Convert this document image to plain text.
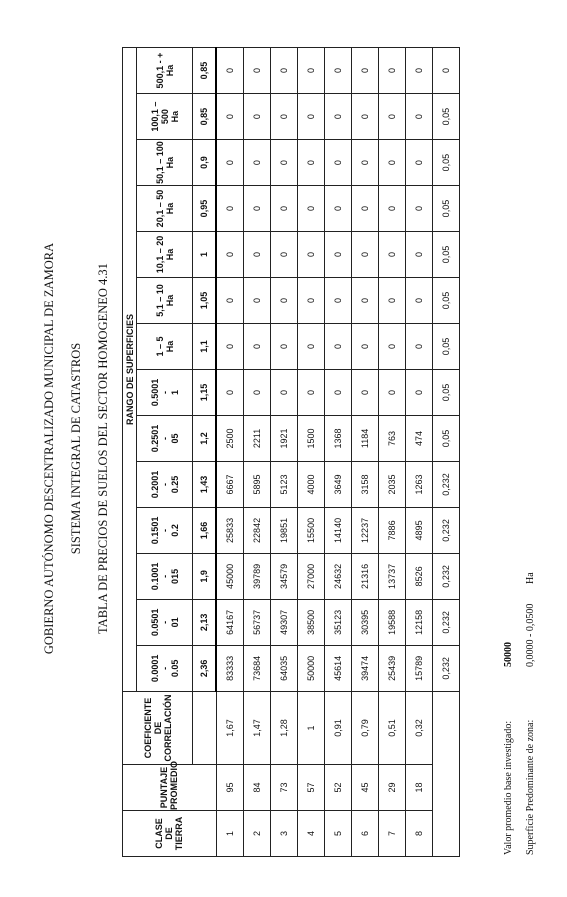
GOBIERNO AUTÓNOMO DESCENTRALIZADO MUNICIPAL DE ZAMORA SISTEMA INTEGRAL DE CATASTROS TABLA DE PRECIOS DE SUELOS DEL SECTOR HOMOGENEO 4.31
CLASE DE TIERRA	PUNTAJE PROMEDIO	COEFICIENTE DE CORRELACIÓN	RANGO DE SUPERFICIES													

			0.0001 - 0.05	0.0501 - 01	0.1001 - 015	0.1501 - 0.2	0.2001 - 0.25	0.2501 - 05	0.5001 - 1	1 – 5 Ha	5,1 – 10 Ha	10,1 – 20 Ha	20,1 – 50 Ha	50,1 – 100 Ha	100,1 – 500 Ha	500,1 - + Ha

			2,36	2,13	1,9	1,66	1,43	1,2	1,15	1,1	1,05	1	0,95	0,9	0,85	0,85
1	95	1,67	83333	64167	45000	25833	6667	2500	0	0	0	0	0	0	0	0
2	84	1,47	73684	56737	39789	22842	5895	2211	0	0	0	0	0	0	0	0
3	73	1,28	64035	49307	34579	19851	5123	1921	0	0	0	0	0	0	0	0
4	57	1	50000	38500	27000	15500	4000	1500	0	0	0	0	0	0	0	0
5	52	0,91	45614	35123	24632	14140	3649	1368	0	0	0	0	0	0	0	0
6	45	0,79	39474	30395	21316	12237	3158	1184	0	0	0	0	0	0	0	0
7	29	0,51	25439	19588	13737	7886	2035	763	0	0	0	0	0	0	0	0
8	18	0,32	15789	12158	8526	4895	1263	474	0	0	0	0	0	0	0	0
			0,232	0,232	0,232	0,232	0,232	0,05	0,05	0,05	0,05	0,05	0,05	0,05	0,05	0
Valor promedio base investigado:
50000
Superficie Predominante de zona:
0,0000 - 0,0500
Ha
